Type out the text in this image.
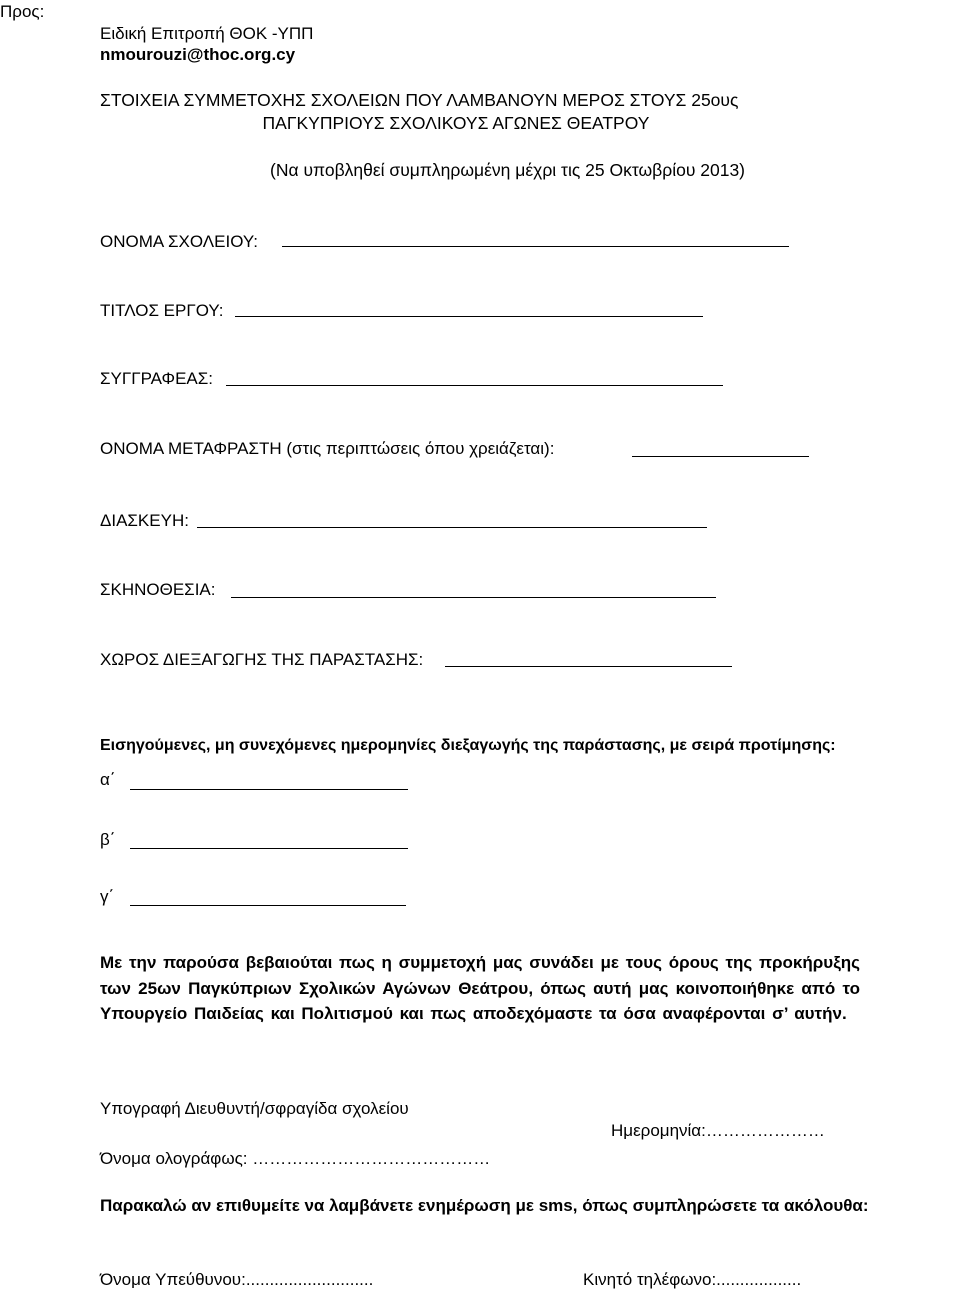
Προς:
Ειδική Επιτροπή ΘΟΚ -ΥΠΠ
nmourouzi@thoc.org.cy
ΣΤΟΙΧΕΙΑ ΣΥΜΜΕΤΟΧΗΣ ΣΧΟΛΕΙΩΝ ΠΟΥ ΛΑΜΒΑΝΟΥΝ ΜΕΡΟΣ ΣΤΟΥΣ 25ους
ΠΑΓΚΥΠΡΙΟΥΣ ΣΧΟΛΙΚΟΥΣ ΑΓΩΝΕΣ ΘΕΑΤΡΟΥ
(Να υποβληθεί συμπληρωμένη μέχρι τις 25 Οκτωβρίου 2013)
ΟΝΟΜΑ ΣΧΟΛΕΙΟΥ:
ΤΙΤΛΟΣ ΕΡΓΟΥ:
ΣΥΓΓΡΑΦΕΑΣ:
ΟΝΟΜΑ ΜΕΤΑΦΡΑΣΤΗ (στις περιπτώσεις όπου χρειάζεται):
ΔΙΑΣΚΕΥΗ:
ΣΚΗΝΟΘΕΣΙΑ:
ΧΩΡΟΣ ΔΙΕΞΑΓΩΓΗΣ ΤΗΣ ΠΑΡΑΣΤΑΣΗΣ:
Εισηγούμενες, μη συνεχόμενες ημερομηνίες διεξαγωγής της παράστασης, με σειρά προτίμησης:
α΄
β΄
γ΄
Με την παρούσα βεβαιούται πως η συμμετοχή μας συνάδει με τους όρους της προκήρυξης των 25ων Παγκύπριων Σχολικών Αγώνων Θεάτρου, όπως αυτή μας κοινοποιήθηκε από το Υπουργείο Παιδείας και Πολιτισμού και πως αποδεχόμαστε τα όσα αναφέρονται σ’ αυτήν.
Υπογραφή Διευθυντή/σφραγίδα σχολείου
Ημερομηνία:…………………
Όνομα ολογράφως: ……………………………………
Παρακαλώ αν επιθυμείτε να λαμβάνετε ενημέρωση με sms, όπως συμπληρώσετε τα ακόλουθα:
Όνομα Υπεύθυνου:...........................	Κινητό τηλέφωνο:..................
